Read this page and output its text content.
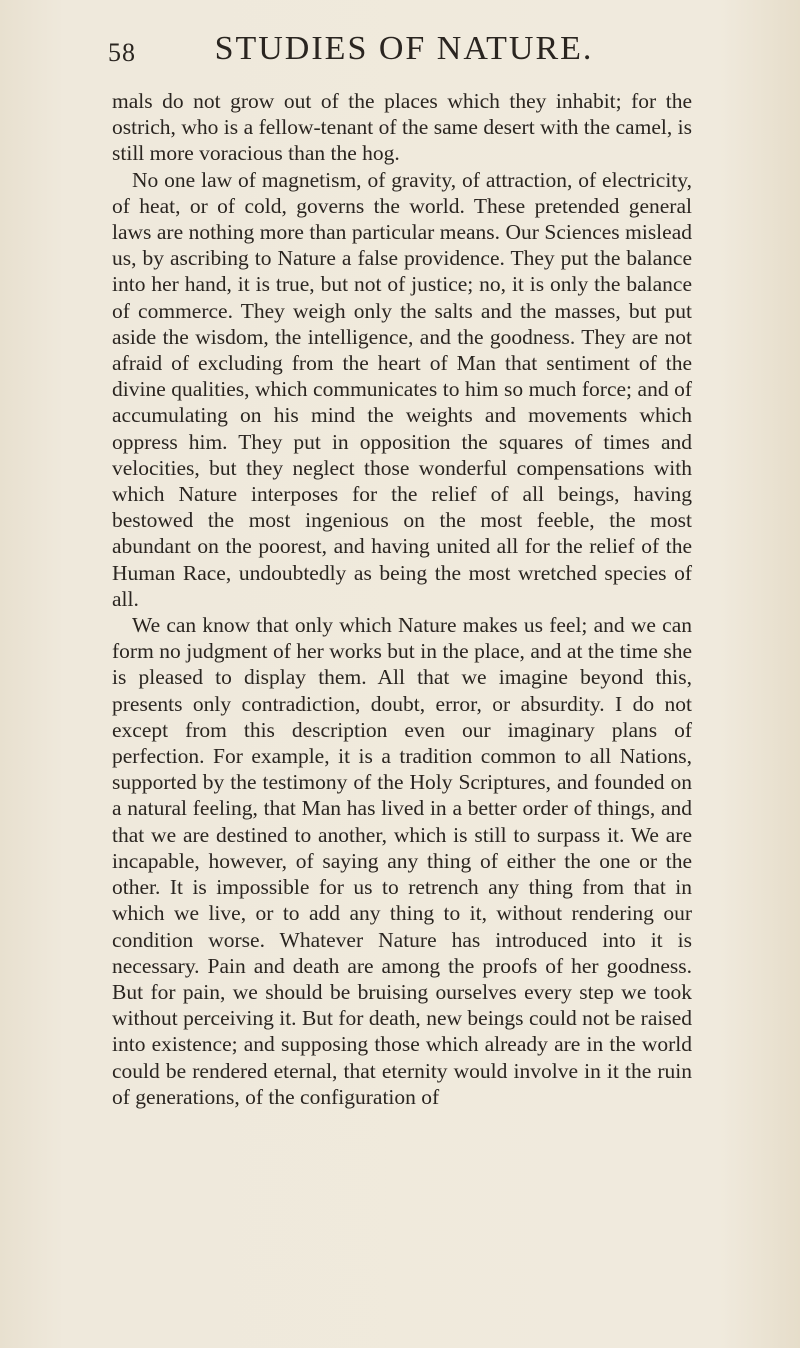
58	STUDIES OF NATURE.

mals do not grow out of the places which they inhabit; for the ostrich, who is a fellow-tenant of the same desert with the camel, is still more voracious than the hog.

No one law of magnetism, of gravity, of attraction, of electricity, of heat, or of cold, governs the world. These pretended general laws are nothing more than particular means. Our Sciences mislead us, by ascribing to Nature a false providence. They put the balance into her hand, it is true, but not of justice; no, it is only the balance of commerce. They weigh only the salts and the masses, but put aside the wisdom, the intelligence, and the goodness. They are not afraid of excluding from the heart of Man that sentiment of the divine qualities, which communicates to him so much force; and of accumulating on his mind the weights and movements which oppress him. They put in opposition the squares of times and velocities, but they neglect those wonderful compensations with which Nature interposes for the relief of all beings, having bestowed the most ingenious on the most feeble, the most abundant on the poorest, and having united all for the relief of the Human Race, undoubtedly as being the most wretched species of all.

We can know that only which Nature makes us feel; and we can form no judgment of her works but in the place, and at the time she is pleased to display them. All that we imagine beyond this, presents only contradiction, doubt, error, or absurdity. I do not except from this description even our imaginary plans of perfection. For example, it is a tradition common to all Nations, supported by the testimony of the Holy Scriptures, and founded on a natural feeling, that Man has lived in a better order of things, and that we are destined to another, which is still to surpass it. We are incapable, however, of saying any thing of either the one or the other. It is impossible for us to retrench any thing from that in which we live, or to add any thing to it, without rendering our condition worse. Whatever Nature has introduced into it is necessary. Pain and death are among the proofs of her goodness. But for pain, we should be bruising ourselves every step we took without perceiving it. But for death, new beings could not be raised into existence; and supposing those which already are in the world could be rendered eternal, that eternity would involve in it the ruin of generations, of the configuration of
